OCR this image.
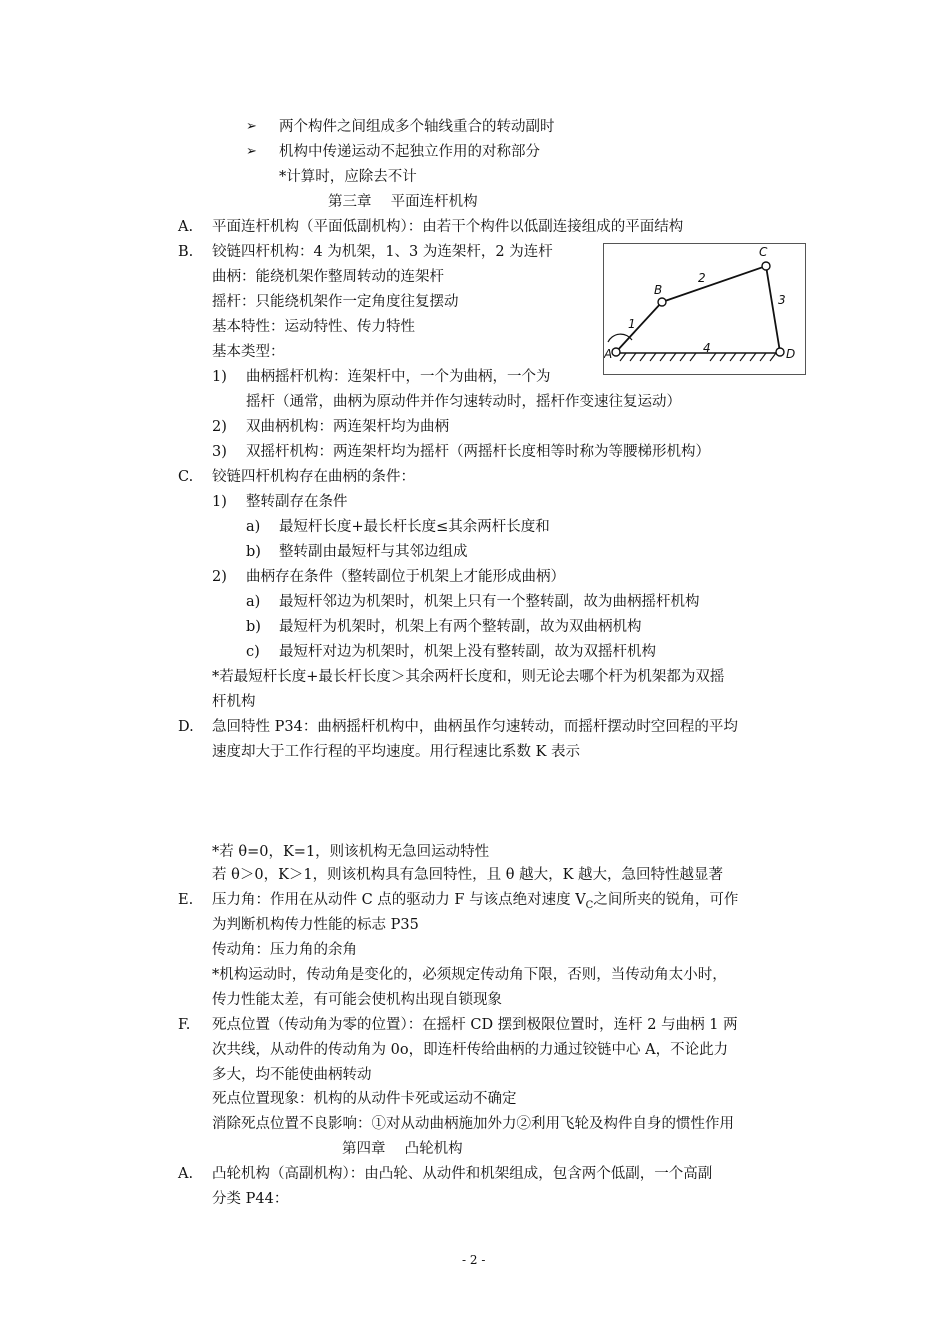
➢ 两个构件之间组成多个轴线重合的转动副时
➢ 机构中传递运动不起独立作用的对称部分
*计算时，应除去不计
第三章　 平面连杆机构
A. 平面连杆机构（平面低副机构）：由若干个构件以低副连接组成的平面结构
B. 铰链四杆机构：4 为机架，1、3 为连架杆，2 为连杆
曲柄：能绕机架作整周转动的连架杆
摇杆：只能绕机架作一定角度往复摆动
基本特性：运动特性、传力特性
基本类型：
1) 曲柄摇杆机构：连架杆中，一个为曲柄，一个为
摇杆（通常，曲柄为原动件并作匀速转动时，摇杆作变速往复运动）
2) 双曲柄机构：两连架杆均为曲柄
3) 双摇杆机构：两连架杆均为摇杆（两摇杆长度相等时称为等腰梯形机构）
A
B
C
D
1
2
3
4
C. 铰链四杆机构存在曲柄的条件：
1) 整转副存在条件
a) 最短杆长度+最长杆长度≤其余两杆长度和
b) 整转副由最短杆与其邻边组成
2) 曲柄存在条件（整转副位于机架上才能形成曲柄）
a) 最短杆邻边为机架时，机架上只有一个整转副，故为曲柄摇杆机构
b) 最短杆为机架时，机架上有两个整转副，故为双曲柄机构
c) 最短杆对边为机架时，机架上没有整转副，故为双摇杆机构
*若最短杆长度+最长杆长度＞其余两杆长度和，则无论去哪个杆为机架都为双摇
杆机构
D. 急回特性 P34：曲柄摇杆机构中，曲柄虽作匀速转动，而摇杆摆动时空回程的平均
速度却大于工作行程的平均速度。用行程速比系数 K 表示
*若 θ=0，K=1，则该机构无急回运动特性
若 θ＞0，K＞1，则该机构具有急回特性，且 θ 越大，K 越大，急回特性越显著
E. 压力角：作用在从动件 C 点的驱动力 F 与该点绝对速度 $V_C$之间所夹的锐角，可作
为判断机构传力性能的标志 P35
传动角：压力角的余角
*机构运动时，传动角是变化的，必须规定传动角下限，否则，当传动角太小时，
传力性能太差，有可能会使机构出现自锁现象
F. 死点位置（传动角为零的位置）：在摇杆 CD 摆到极限位置时，连杆 2 与曲柄 1 两
次共线，从动件的传动角为 0o，即连杆传给曲柄的力通过铰链中心 A，不论此力
多大，均不能使曲柄转动
死点位置现象：机构的从动件卡死或运动不确定
消除死点位置不良影响：①对从动曲柄施加外力②利用飞轮及构件自身的惯性作用
第四章　 凸轮机构
A. 凸轮机构（高副机构）：由凸轮、从动件和机架组成，包含两个低副，一个高副
分类 P44：
- 2 -
